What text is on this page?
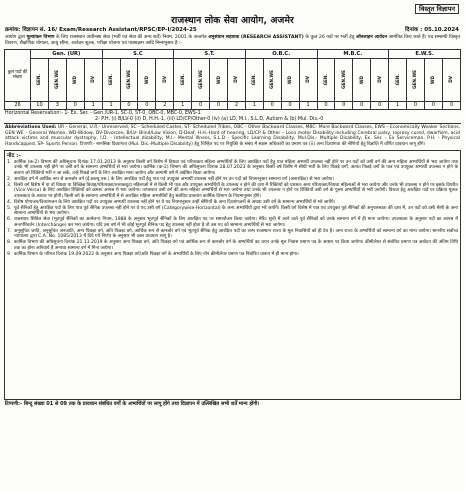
विस्तृत विज्ञापन
राजस्थान लोक सेवा आयोग, अजमेर
क्रमांक: विज्ञापन सं. 16/ Exam/Research Assistant/RPSC/EP-I/2024-25	दिनांक : 05.10.2024
आयोग द्वारा मूल्यांकन विभाग के लिए राजस्थान अधीनस्थ सेवा (भर्ती एवं सेवा की अन्य शर्तें) नियम, 2001 के अन्तर्गत अनुसंधान सहायक (RESEARCH ASSISTANT) के कुल 26 पदों पर भर्ती हेतु ऑनलाइन आवेदन आमंत्रित किए जाते हैं। पद सम्बन्धी विस्तृत विवरण, शैक्षणिक योग्यता, आयु सीमा, आवेदन शुल्क, परीक्षा योजना एवं पाठ्यक्रम आदि निम्नानुसार है :-
कुल पदों की संख्या	Gen. (UR)				S.C				S.T.				O.B.C.				M.B.C.				E.W.S.			

	GEN.	GEN.WE	WD	DV	GEN.	GEN.WE	WD	DV	GEN.	GEN.WE	WD	DV	GEN.	GEN.WE	WD	DV	GEN.	GEN.WE	WD	DV	GEN.	GEN.WE	WD	DV

26	10	3	0	1	1	0	0	2	1	0	0	2	1	0	0	1	0	0	0	0	1	0	0	0
Horizontal Reservation:- 1- Ex. Ser. - Gen./UR-1, SC-0, ST-0, OBC-0, MBC-0, EWS-1
2- P.H. (i) B/LV-0 (ii) D, H.H.-1, (iii) LD/CP/Other-0 (iv) (a) LD, M.I., S.L.D, Autism & (b) Mul. Dis.-0
Abbreviations Used: UR - General, U.R.- Unreserved, SC - Scheduled Castes, ST- Scheduled Tribes, OBC - Other Backward Classes, MBC- More Backward Classes, EWS – Economically Weaker Sections, GEN WE – General Women, WD-Widow, DV-Divorcee, B/LV- Blind/Low Vision, D-Deaf, H.H.-Hard of hearing, LD/CP & Other – Loco motor Disability including Cerebral palsy, leprosy cured, dwarfism, acid attack victims and muscular dystrophy, I.D. - Intellectual disability, M.I.- Mental Illness, S.L.D - Specific Learning Disability, Mul.Dis.- Multiple Disability, Ex. Ser. - Ex Serviceman, P.H. - Physical Handicapped, SP- Sports Person. टिप्पणी:- मानसिक दिव्यांगता (Mul. Dis.-Multiple Disability) हेतु चिन्हित पद पर नियुक्ति के संबंध में सक्षम अधिकारी का प्रमाण पत्र (ii) अन्य दिव्यांगता की श्रेणियों हेतु विज्ञप्ति में वर्णित प्रावधान लागू होंगे।
नोट :-
1. कार्मिक (क-2) विभाग की अधिसूचना दिनांक 17.01.2013 के अनुसार किसी वर्ग विशेष में विधवा एवं परित्यक्ता महिला अभ्यर्थियों के लिए आरक्षित पदों हेतु पात्र महिला अभ्यर्थी उपलब्ध नहीं होने पर उन पदों को उसी वर्ग की अन्य महिला अभ्यर्थियों से भरा जायेगा तथा उनके भी उपलब्ध नहीं होने पर उसी वर्ग के सामान्य अभ्यर्थियों से भरा जायेगा। कार्मिक (क-2) विभाग की अधिसूचना दिनांक 28.07.2023 के अनुसार किसी वर्ष विशेष में सीधी भर्ती के लिए पिछड़े वर्गों, अत्यंत पिछड़े वर्गों के पात्र एवं उपयुक्त अभ्यर्थी उपलब्ध न होने के कारण जो रिक्तियाँ भरी न जा सकें, उन्हें पिछड़े वर्गों के लिए आरक्षित माना जायेगा और आगामी वर्ष में अग्रेषित किया जायेगा।
2. आरक्षित वर्ग में आर्थिक रूप से कमजोर वर्ग (ई.डब्ल्यू.एस.) के लिए आरक्षित पदों हेतु पात्र एवं उपयुक्त अभ्यर्थी उपलब्ध नहीं होने पर उन पदों को नियमानुसार सामान्य वर्ग (अनारक्षित) से भरा जायेगा।
3. किसी वर्ग विशेष में या तो विधवा या विच्छिन्न विवाह/परित्यक्ता/तलाकशुदा महिलाओं में से किसी भी पात्र और उपयुक्त अभ्यर्थियों के उपलब्ध न होने की दशा में रिक्तियों को प्रथमतः अन्य परित्यक्ता/विधवा महिलाओं से भरा जायेगा और उनके भी उपलब्ध न होने पर इसके विपरीत (Vice Versa) के लिए आरक्षित रिक्तियों को क्रमशः आपस में भरा जायेगा। तत्पश्चात उसी वर्ग की अन्य महिला अभ्यर्थियों से भरा जायेगा तथा उनके भी उपलब्ध न होने पर रिक्तियाँ उसी वर्ग के पुरुष अभ्यर्थियों से भरी जायेंगी। विधवा हेतु आरक्षित पदों पर प्रक्रिया मूलतः उपलब्धता के आधार पर होगी। किसी वर्ग के सामान्य अभ्यर्थियों में से आरक्षित महिला अभ्यर्थियों हेतु संबंधित प्रावधान कार्मिक विभाग के नियमानुसार होंगे।
4. विशेष योग्यजन/दिव्यांगजन के लिए आरक्षित पदों पर उपयुक्त अभ्यर्थी उपलब्ध नहीं होने पर वे पद नियमानुसार उन्हीं श्रेणियों के अन्य दिव्यांगजनों से अथवा उसी वर्ग के सामान्य अभ्यर्थियों से भरे जायेंगे।
5. पूर्व सैनिकों हेतु आरक्षित पदों के लिए पात्र पूर्व सैनिक उपलब्ध नहीं होने पर वे पद उसी वर्ग (Categorywise-Horizontal) के अन्य अभ्यर्थियों द्वारा भरे जायेंगे। किसी वर्ग विशेष में पात्र एवं उपयुक्त पूर्व सैनिकों की अनुपलब्धता की दशा में, उन पदों को उसी श्रेणी के अन्य सामान्य अभ्यर्थियों से भरा जायेगा।
6. राजस्थान सिविल सेवा (भूतपूर्व सैनिकों का आमेलन) नियम, 1988 के अनुसार भूतपूर्व सैनिकों के लिए आरक्षित पद पर समायोजन किया जायेगा। मेरिट सूची में आने वाले पूर्व सैनिकों को उनके सामान्य वर्ग में ही माना जायेगा। उपलब्धता के अनुसार पदों का आपस में अन्तर्परिवर्तन (Interchange) कर भरा जायेगा। यदि उस वर्ष में भी कोई भूतपूर्व सैनिक पद हेतु उपलब्ध नहीं होता है तो उस पद को सामान्य अभ्यर्थियों से भरा जायेगा।
7. अनुसूचित जाति, अनुसूचित जनजाति, अन्य पिछड़ा वर्ग, अति पिछड़ा वर्ग, आर्थिक रूप से कमजोर वर्ग एवं भूतपूर्व सैनिक हेतु आरक्षित पदों का लाभ राजस्थान राज्य के मूल निवासियों को ही देय है। अन्य राज्य के अभ्यर्थियों को सामान्य वर्ग का माना जायेगा। माननीय सर्वोच्च न्यायालय द्वारा C.A. No. 1085/2013 में दिये गये निर्णय के अनुसार भी उक्त प्रावधान लागू है।
8. कार्मिक विभाग की अधिसूचना दिनांक 21.11.2019 के अनुसार अन्य पिछड़ा वर्ग, अति पिछड़ा वर्ग एवं आर्थिक रूप से कमजोर वर्ग के अभ्यर्थियों का चयन उनके मूल निवास प्रमाण पत्र के आधार पर किया जायेगा। क्रीमीलेयर से संबंधित प्रमाण पत्र आवेदन की अंतिम तिथि तक का होना अनिवार्य है अन्यथा सामान्य वर्ग में गिना जायेगा।
9. कार्मिक विभाग के परिपत्र दिनांक 19.09.2022 के अनुसार अन्य पिछड़ा वर्ग/अति पिछड़ा वर्ग के अभ्यर्थियों के लिए नॉन क्रीमीलेयर प्रमाण पत्र निर्धारित प्रारूप में ही मान्य होगा।
टिप्पणी:- बिन्दु संख्या 01 से 09 तक के प्रावधान संबंधित वर्गों के अभ्यर्थियों पर लागू होंगे तथा विज्ञापन में उल्लिखित सभी शर्तें मान्य होंगी।
